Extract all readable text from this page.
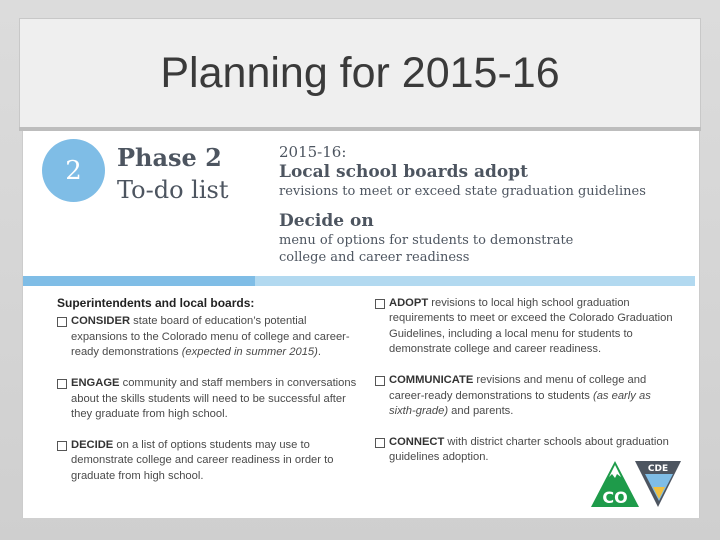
Planning for 2015-16
2	Phase 2
To-do list
2015-16:
Local school boards adopt
revisions to meet or exceed state graduation guidelines
Decide on
menu of options for students to demonstrate
college and career readiness
Superintendents and local boards:
CONSIDER state board of education’s potential expansions to the Colorado menu of college and career-ready demonstrations (expected in summer 2015).
ENGAGE community and staff members in conversations about the skills students will need to be successful after they graduate from high school.
DECIDE on a list of options students may use to demonstrate college and career readiness in order to graduate from high school.
ADOPT revisions to local high school graduation requirements to meet or exceed the Colorado Graduation Guidelines, including a local menu for students to demonstrate college and career readiness.
COMMUNICATE revisions and menu of college and career-ready demonstrations to students (as early as sixth-grade) and parents.
CONNECT with district charter schools about graduation guidelines adoption.
CO
CDE
